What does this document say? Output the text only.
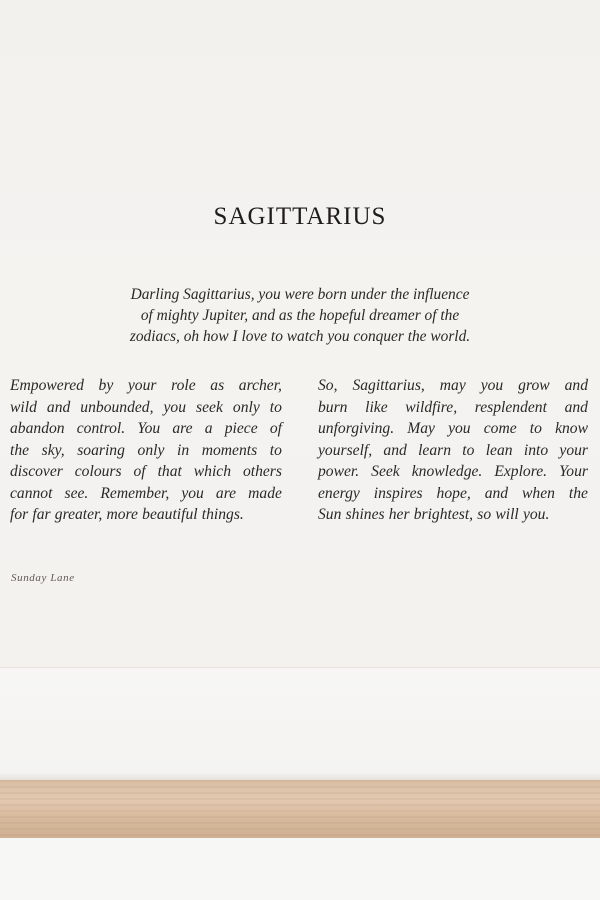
SAGITTARIUS
Darling Sagittarius, you were born under the influence
of mighty Jupiter, and as the hopeful dreamer of the
zodiacs, oh how I love to watch you conquer the world.
Empowered by your role as archer,
wild and unbounded, you seek only to
abandon control. You are a piece of
the sky, soaring only in moments to
discover colours of that which others
cannot see. Remember, you are made
for far greater, more beautiful things.
So, Sagittarius, may you grow and
burn like wildfire, resplendent and
unforgiving. May you come to know
yourself, and learn to lean into your
power. Seek knowledge. Explore. Your
energy inspires hope, and when the
Sun shines her brightest, so will you.
Sunday Lane
